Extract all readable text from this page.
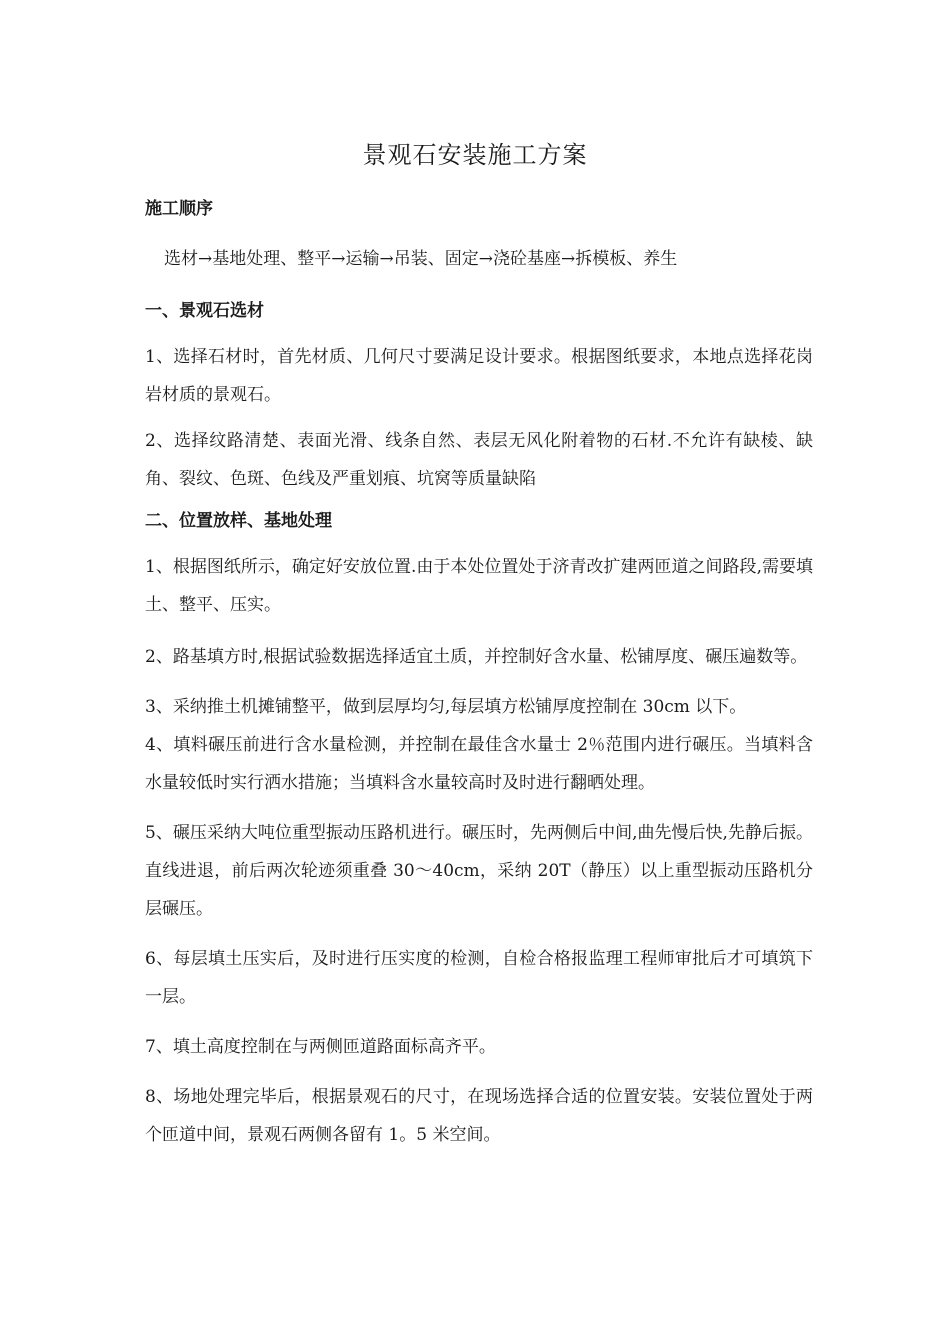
景观石安装施工方案
施工顺序
选材→基地处理、整平→运输→吊装、固定→浇砼基座→拆模板、养生
一、景观石选材
1、选择石材时，首先材质、几何尺寸要满足设计要求。根据图纸要求，本地点选择花岗岩材质的景观石。
2、选择纹路清楚、表面光滑、线条自然、表层无风化附着物的石材.不允许有缺棱、缺角、裂纹、色斑、色线及严重划痕、坑窝等质量缺陷
二、位置放样、基地处理
1、根据图纸所示，确定好安放位置.由于本处位置处于济青改扩建两匝道之间路段,需要填土、整平、压实。
2、路基填方时,根据试验数据选择适宜土质，并控制好含水量、松铺厚度、碾压遍数等。
3、采纳推土机摊铺整平，做到层厚均匀,每层填方松铺厚度控制在 30cm 以下。
4、填料碾压前进行含水量检测，并控制在最佳含水量士 2％范围内进行碾压。当填料含水量较低时实行洒水措施；当填料含水量较高时及时进行翻晒处理。
5、碾压采纳大吨位重型振动压路机进行。碾压时，先两侧后中间,曲先慢后快,先静后振。直线进退，前后两次轮迹须重叠 30～40cm，采纳 20T（静压）以上重型振动压路机分层碾压。
6、每层填土压实后，及时进行压实度的检测，自检合格报监理工程师审批后才可填筑下一层。
7、填土高度控制在与两侧匝道路面标高齐平。
8、场地处理完毕后，根据景观石的尺寸，在现场选择合适的位置安装。安装位置处于两个匝道中间，景观石两侧各留有 1。5 米空间。
